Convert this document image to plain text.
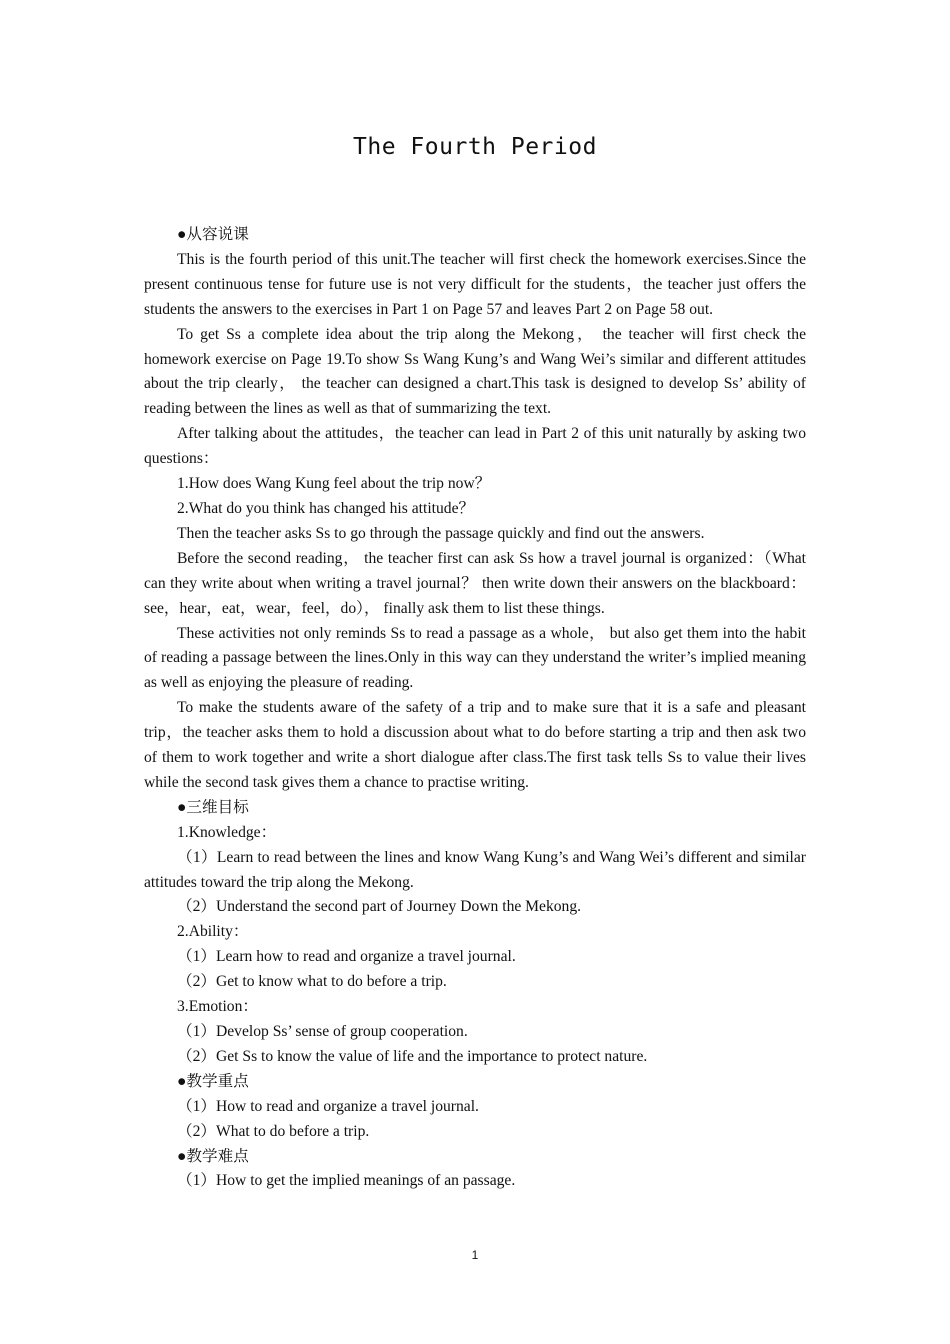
The Fourth Period

●从容说课

This is the fourth period of this unit.The teacher will first check the homework exercises.Since the present continuous tense for future use is not very difficult for the students，the teacher just offers the students the answers to the exercises in Part 1 on Page 57 and leaves Part 2 on Page 58 out.

To get Ss a complete idea about the trip along the Mekong， the teacher will first check the homework exercise on Page 19.To show Ss Wang Kung’s and Wang Wei’s similar and different attitudes about the trip clearly， the teacher can designed a chart.This task is designed to develop Ss’ ability of reading between the lines as well as that of summarizing the text.

After talking about the attitudes，the teacher can lead in Part 2 of this unit naturally by asking two questions：

1.How does Wang Kung feel about the trip now？

2.What do you think has changed his attitude？

Then the teacher asks Ss to go through the passage quickly and find out the answers.

Before the second reading， the teacher first can ask Ss how a travel journal is organized：（What can they write about when writing a travel journal？ then write down their answers on the blackboard：see，hear，eat，wear，feel，do）， finally ask them to list these things.

These activities not only reminds Ss to read a passage as a whole， but also get them into the habit of reading a passage between the lines.Only in this way can they understand the writer’s implied meaning as well as enjoying the pleasure of reading.

To make the students aware of the safety of a trip and to make sure that it is a safe and pleasant trip，the teacher asks them to hold a discussion about what to do before starting a trip and then ask two of them to work together and write a short dialogue after class.The first task tells Ss to value their lives while the second task gives them a chance to practise writing.

●三维目标

1.Knowledge：

（1）Learn to read between the lines and know Wang Kung’s and Wang Wei’s different and similar attitudes toward the trip along the Mekong.

（2）Understand the second part of Journey Down the Mekong.

2.Ability：

（1）Learn how to read and organize a travel journal.

（2）Get to know what to do before a trip.

3.Emotion：

（1）Develop Ss’ sense of group cooperation.

（2）Get Ss to know the value of life and the importance to protect nature.

●教学重点

（1）How to read and organize a travel journal.

（2）What to do before a trip.

●教学难点

（1）How to get the implied meanings of an passage.

1
